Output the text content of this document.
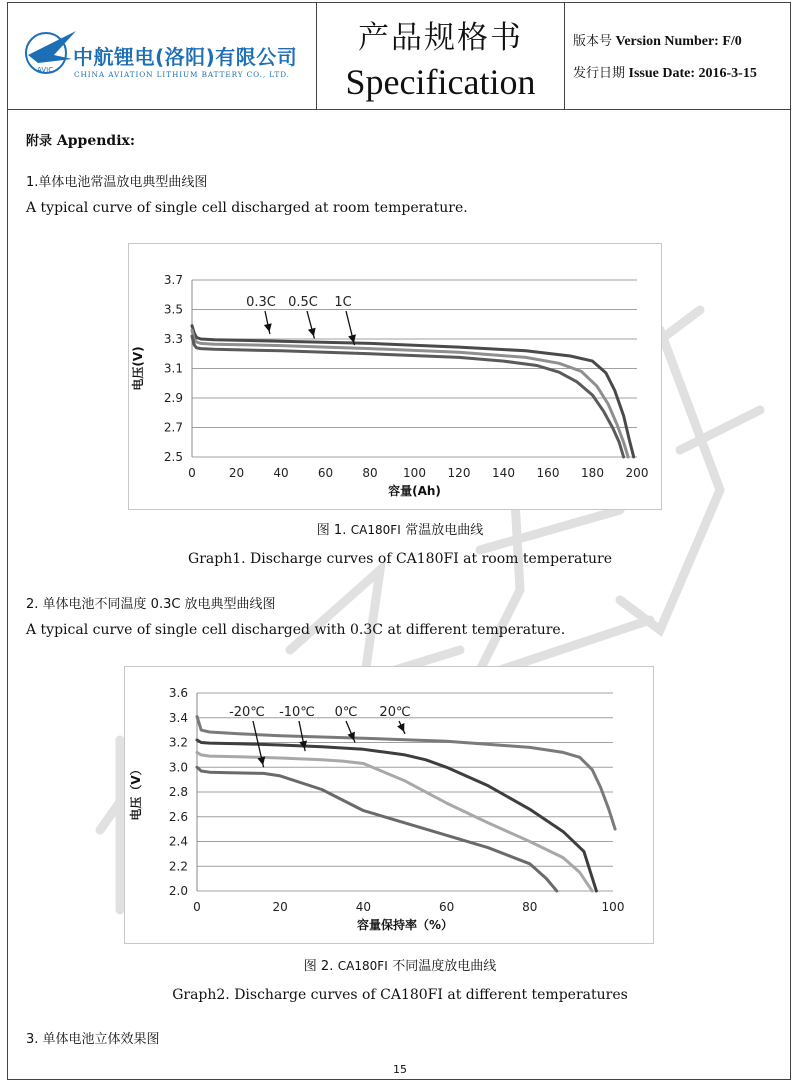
AVIC
中航锂电(洛阳)有限公司
CHINA AVIATION LITHIUM BATTERY CO., LTD.
产品规格书
Specification
版本号 Version Number: F/0
发行日期 Issue Date: 2016-3-15
附录 Appendix:
1.单体电池常温放电典型曲线图
A typical curve of single cell discharged at room temperature.
2.5
2.7
2.9
3.1
3.3
3.5
3.7
0	20 40 60 80 100 120 140 160 180 200
容量(Ah)
电压(V)
0.3C 0.5C 1C
图 1. CA180FⅠ 常温放电曲线
Graph1. Discharge curves of CA180FⅠ at room temperature
2. 单体电池不同温度 0.3C 放电典型曲线图
A typical curve of single cell discharged with 0.3C at different temperature.
2.0
2.2
2.4
2.6
2.8
3.0
3.2
3.4
3.6
0	20	40	60	80	100
容量保持率（%）
电压（V）
-20℃ -10℃ 0℃ 20℃
图 2. CA180FⅠ 不同温度放电曲线
Graph2. Discharge curves of CA180FⅠ at different temperatures
3. 单体电池立体效果图
15
